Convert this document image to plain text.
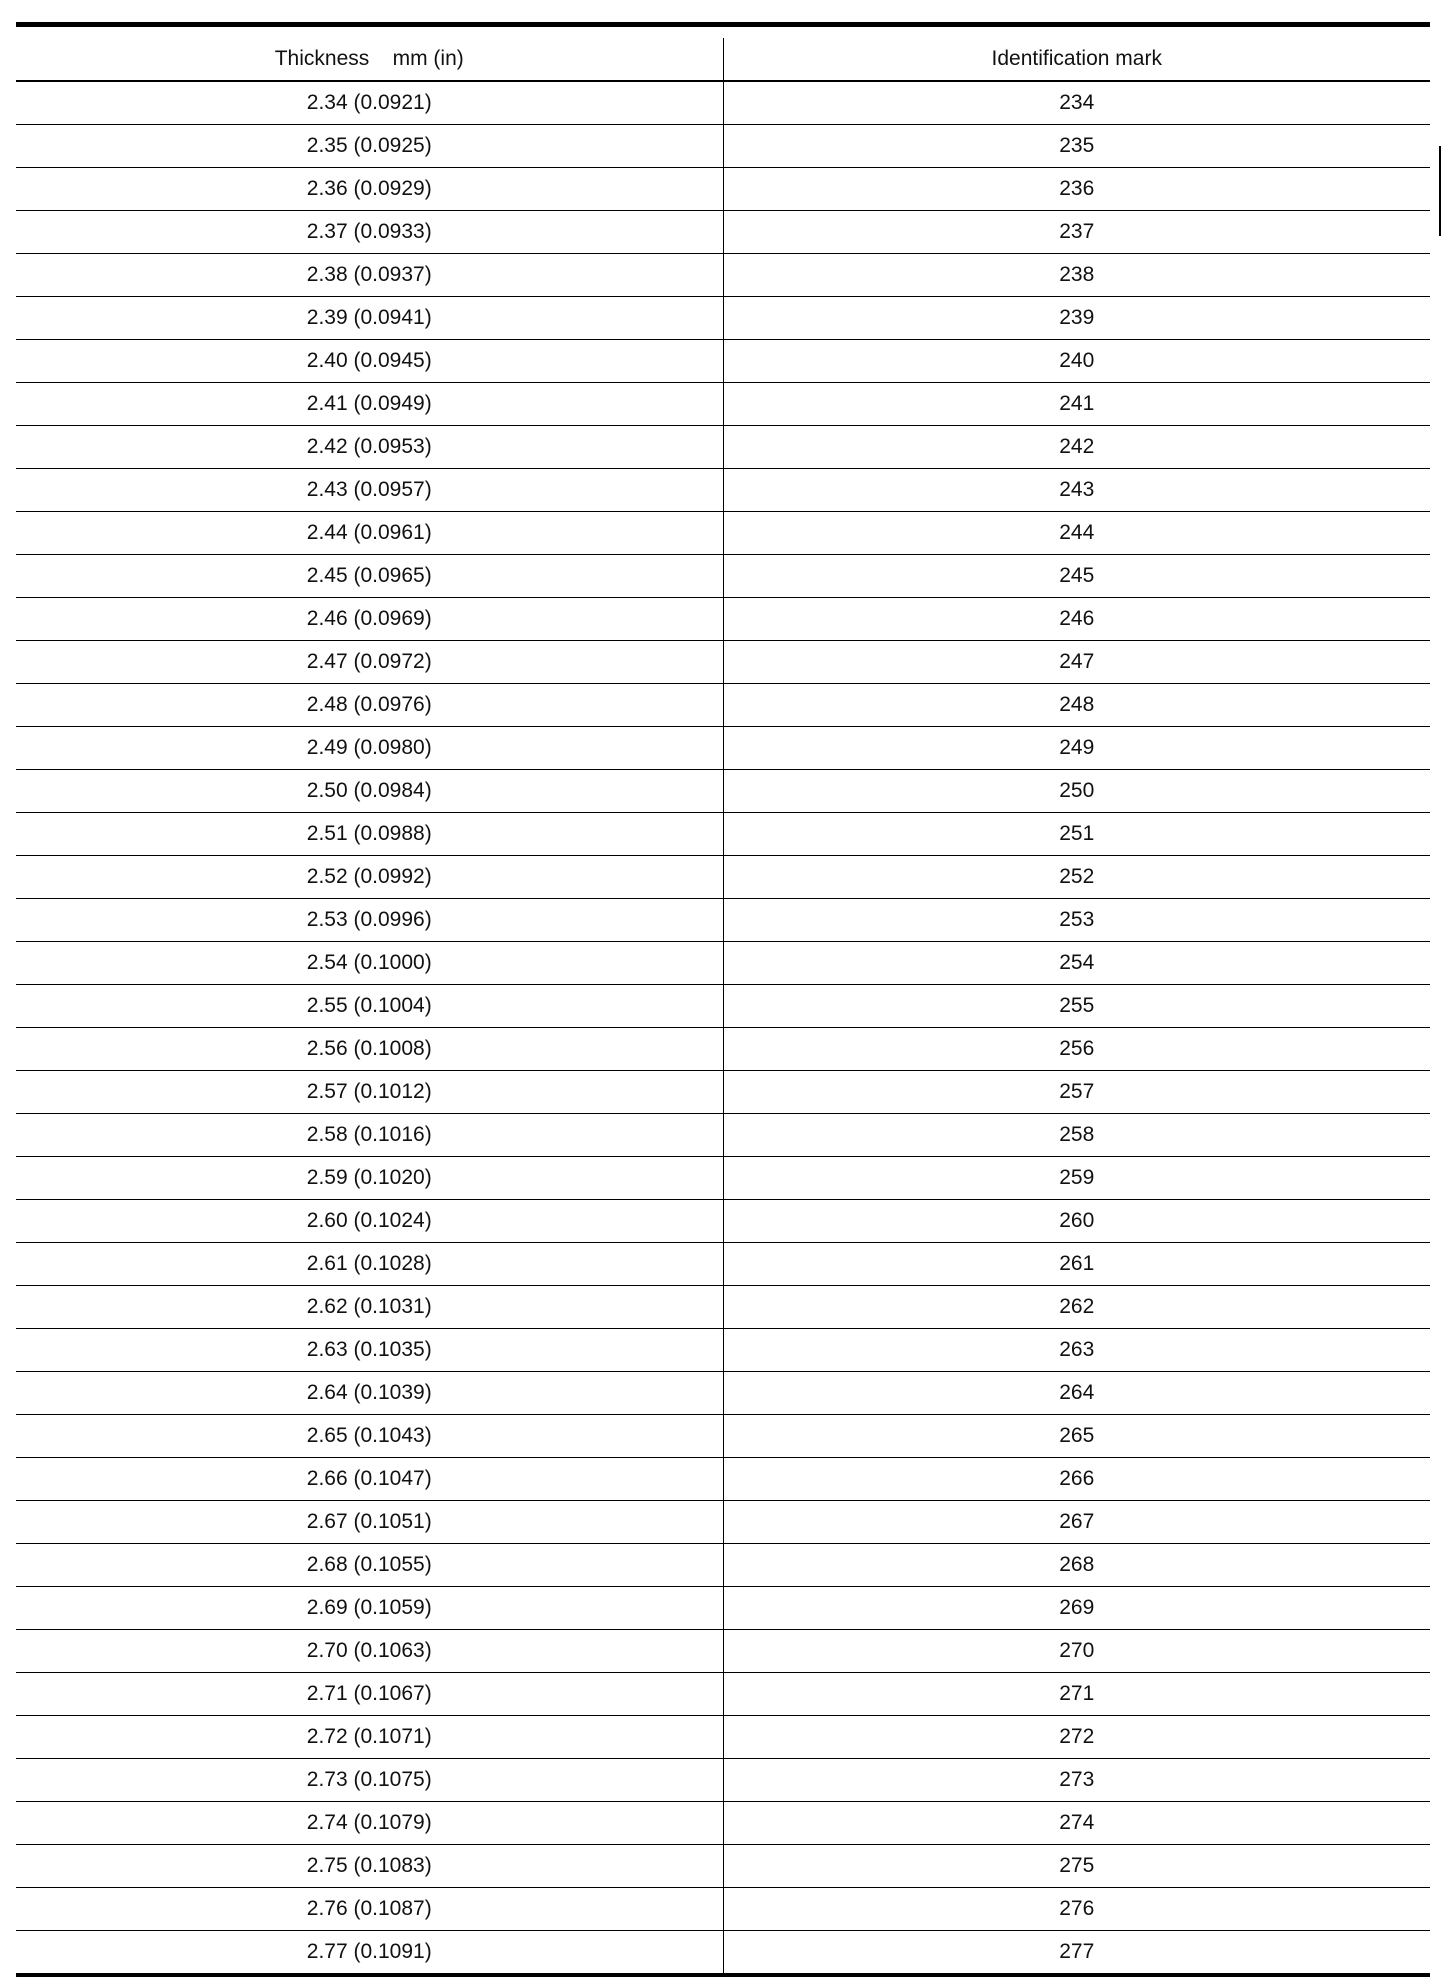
Thickness    mm (in)	Identification mark
2.34 (0.0921)	234
2.35 (0.0925)	235
2.36 (0.0929)	236
2.37 (0.0933)	237
2.38 (0.0937)	238
2.39 (0.0941)	239
2.40 (0.0945)	240
2.41 (0.0949)	241
2.42 (0.0953)	242
2.43 (0.0957)	243
2.44 (0.0961)	244
2.45 (0.0965)	245
2.46 (0.0969)	246
2.47 (0.0972)	247
2.48 (0.0976)	248
2.49 (0.0980)	249
2.50 (0.0984)	250
2.51 (0.0988)	251
2.52 (0.0992)	252
2.53 (0.0996)	253
2.54 (0.1000)	254
2.55 (0.1004)	255
2.56 (0.1008)	256
2.57 (0.1012)	257
2.58 (0.1016)	258
2.59 (0.1020)	259
2.60 (0.1024)	260
2.61 (0.1028)	261
2.62 (0.1031)	262
2.63 (0.1035)	263
2.64 (0.1039)	264
2.65 (0.1043)	265
2.66 (0.1047)	266
2.67 (0.1051)	267
2.68 (0.1055)	268
2.69 (0.1059)	269
2.70 (0.1063)	270
2.71 (0.1067)	271
2.72 (0.1071)	272
2.73 (0.1075)	273
2.74 (0.1079)	274
2.75 (0.1083)	275
2.76 (0.1087)	276
2.77 (0.1091)	277
